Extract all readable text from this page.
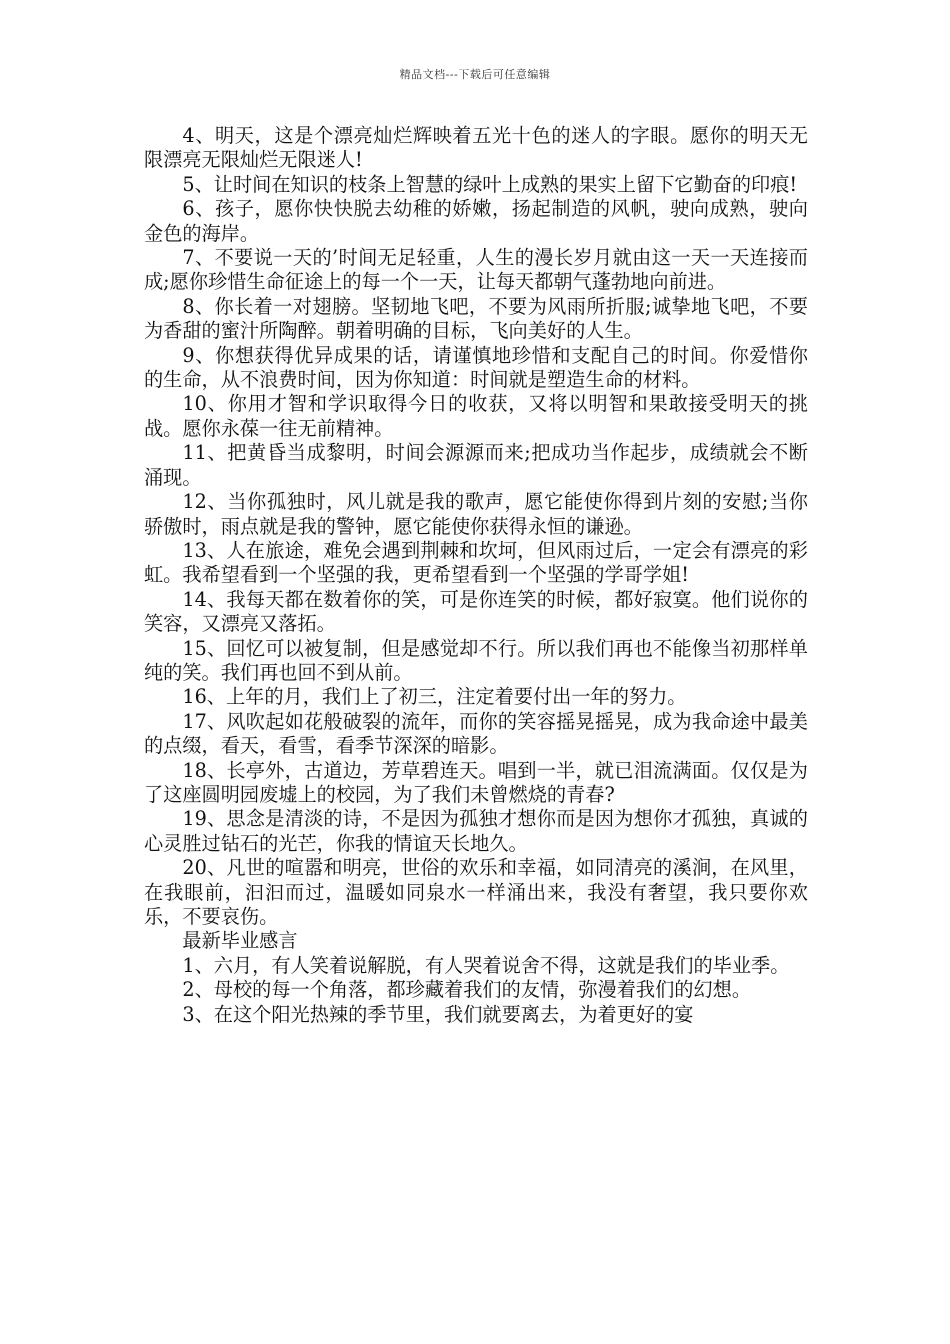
精品文档---下载后可任意编辑

4、明天，这是个漂亮灿烂辉映着五光十色的迷人的字眼。愿你的明天无限漂亮无限灿烂无限迷人!

5、让时间在知识的枝条上智慧的绿叶上成熟的果实上留下它勤奋的印痕!

6、孩子，愿你快快脱去幼稚的娇嫩，扬起制造的风帆，驶向成熟，驶向金色的海岸。

7、不要说一天的’时间无足轻重，人生的漫长岁月就由这一天一天连接而成;愿你珍惜生命征途上的每一个一天，让每天都朝气蓬勃地向前进。

8、你长着一对翅膀。坚韧地飞吧，不要为风雨所折服;诚挚地飞吧，不要为香甜的蜜汁所陶醉。朝着明确的目标，飞向美好的人生。

9、你想获得优异成果的话，请谨慎地珍惜和支配自己的时间。你爱惜你的生命，从不浪费时间，因为你知道：时间就是塑造生命的材料。

10、你用才智和学识取得今日的收获，又将以明智和果敢接受明天的挑战。愿你永葆一往无前精神。

11、把黄昏当成黎明，时间会源源而来;把成功当作起步，成绩就会不断涌现。

12、当你孤独时，风儿就是我的歌声，愿它能使你得到片刻的安慰;当你骄傲时，雨点就是我的警钟，愿它能使你获得永恒的谦逊。

13、人在旅途，难免会遇到荆棘和坎坷，但风雨过后，一定会有漂亮的彩虹。我希望看到一个坚强的我，更希望看到一个坚强的学哥学姐!

14、我每天都在数着你的笑，可是你连笑的时候，都好寂寞。他们说你的笑容，又漂亮又落拓。

15、回忆可以被复制，但是感觉却不行。所以我们再也不能像当初那样单纯的笑。我们再也回不到从前。

16、上年的月，我们上了初三，注定着要付出一年的努力。

17、风吹起如花般破裂的流年，而你的笑容摇晃摇晃，成为我命途中最美的点缀，看天，看雪，看季节深深的暗影。

18、长亭外，古道边，芳草碧连天。唱到一半，就已泪流满面。仅仅是为了这座圆明园废墟上的校园，为了我们未曾燃烧的青春?

19、思念是清淡的诗，不是因为孤独才想你而是因为想你才孤独，真诚的心灵胜过钻石的光芒，你我的情谊天长地久。

20、凡世的喧嚣和明亮，世俗的欢乐和幸福，如同清亮的溪涧，在风里，在我眼前，汩汩而过，温暖如同泉水一样涌出来，我没有奢望，我只要你欢乐，不要哀伤。

最新毕业感言

1、六月，有人笑着说解脱，有人哭着说舍不得，这就是我们的毕业季。

2、母校的每一个角落，都珍藏着我们的友情，弥漫着我们的幻想。

3、在这个阳光热辣的季节里，我们就要离去，为着更好的宴
